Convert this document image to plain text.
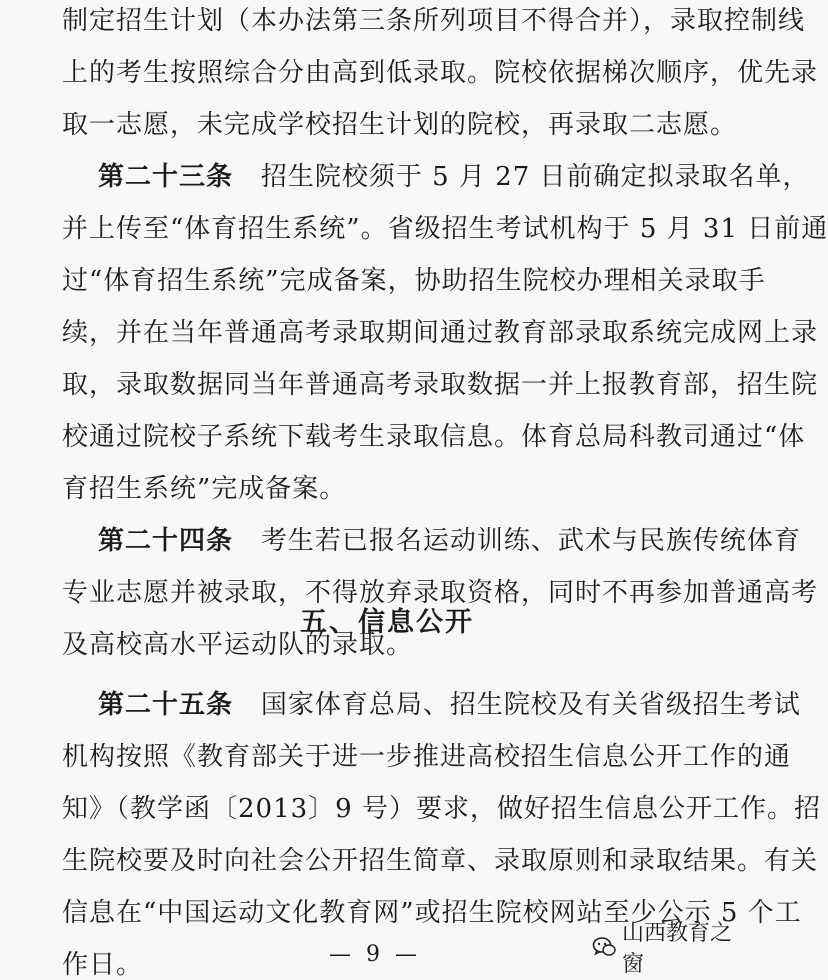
制定招生计划（本办法第三条所列项目不得合并），录取控制线
上的考生按照综合分由高到低录取。院校依据梯次顺序，优先录
取一志愿，未完成学校招生计划的院校，再录取二志愿。
第二十三条 招生院校须于 5 月 27 日前确定拟录取名单，
并上传至“体育招生系统”。省级招生考试机构于 5 月 31 日前通
过“体育招生系统”完成备案，协助招生院校办理相关录取手
续，并在当年普通高考录取期间通过教育部录取系统完成网上录
取，录取数据同当年普通高考录取数据一并上报教育部，招生院
校通过院校子系统下载考生录取信息。体育总局科教司通过“体
育招生系统”完成备案。
第二十四条 考生若已报名运动训练、武术与民族传统体育
专业志愿并被录取，不得放弃录取资格，同时不再参加普通高考
及高校高水平运动队的录取。
五、信息公开
第二十五条 国家体育总局、招生院校及有关省级招生考试
机构按照《教育部关于进一步推进高校招生信息公开工作的通
知》（教学函〔2013〕9 号）要求，做好招生信息公开工作。招
生院校要及时向社会公开招生简章、录取原则和录取结果。有关
信息在“中国运动文化教育网”或招生院校网站至少公示 5 个工
作日。
山西教育之窗
— 9 —
